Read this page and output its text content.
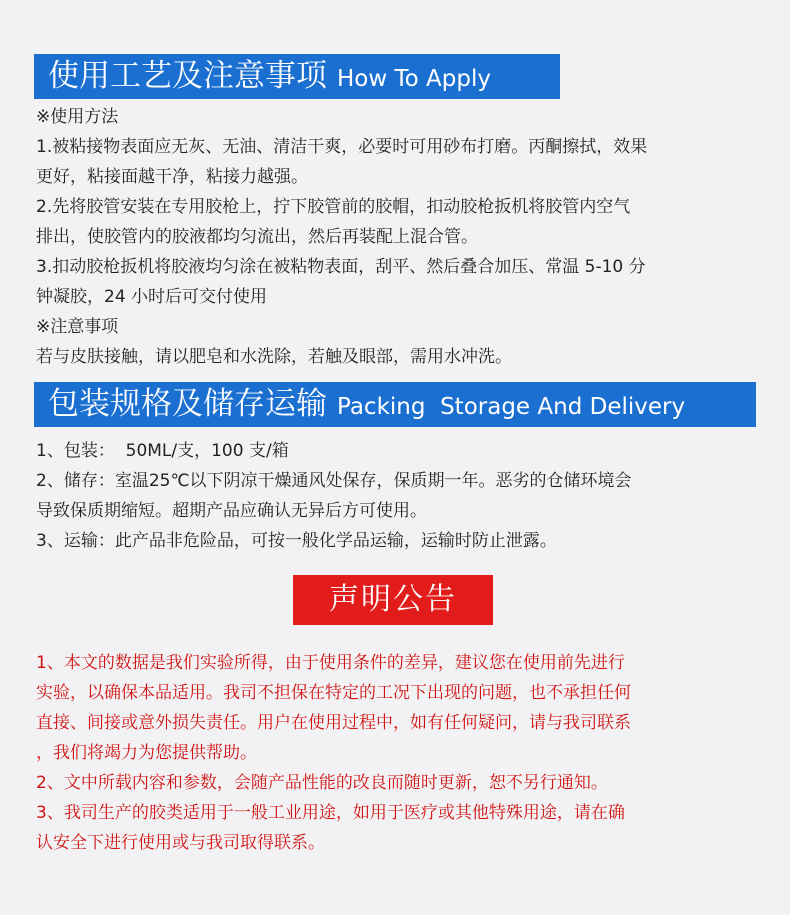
使用工艺及注意事项 How To Apply

※使用方法

1.被粘接物表面应无灰、无油、清洁干爽，必要时可用砂布打磨。丙酮擦拭，效果

更好，粘接面越干净，粘接力越强。

2.先将胶管安装在专用胶枪上，拧下胶管前的胶帽，扣动胶枪扳机将胶管内空气

排出，使胶管内的胶液都均匀流出，然后再装配上混合管。

3.扣动胶枪扳机将胶液均匀涂在被粘物表面，刮平、然后叠合加压、常温 5-10 分

钟凝胶，24 小时后可交付使用

※注意事项

若与皮肤接触，请以肥皂和水洗除，若触及眼部，需用水冲洗。

包装规格及储存运输 Packing  Storage And Delivery

1、包装：  50ML/支，100 支/箱

2、储存：室温25℃以下阴凉干燥通风处保存，保质期一年。恶劣的仓储环境会

导致保质期缩短。超期产品应确认无异后方可使用。

3、运输：此产品非危险品，可按一般化学品运输，运输时防止泄露。

声明公告

1、本文的数据是我们实验所得，由于使用条件的差异，建议您在使用前先进行

实验，以确保本品适用。我司不担保在特定的工况下出现的问题，也不承担任何

直接、间接或意外损失责任。用户在使用过程中，如有任何疑问，请与我司联系

，我们将竭力为您提供帮助。

2、文中所载内容和参数，会随产品性能的改良而随时更新，恕不另行通知。

3、我司生产的胶类适用于一般工业用途，如用于医疗或其他特殊用途，请在确

认安全下进行使用或与我司取得联系。
